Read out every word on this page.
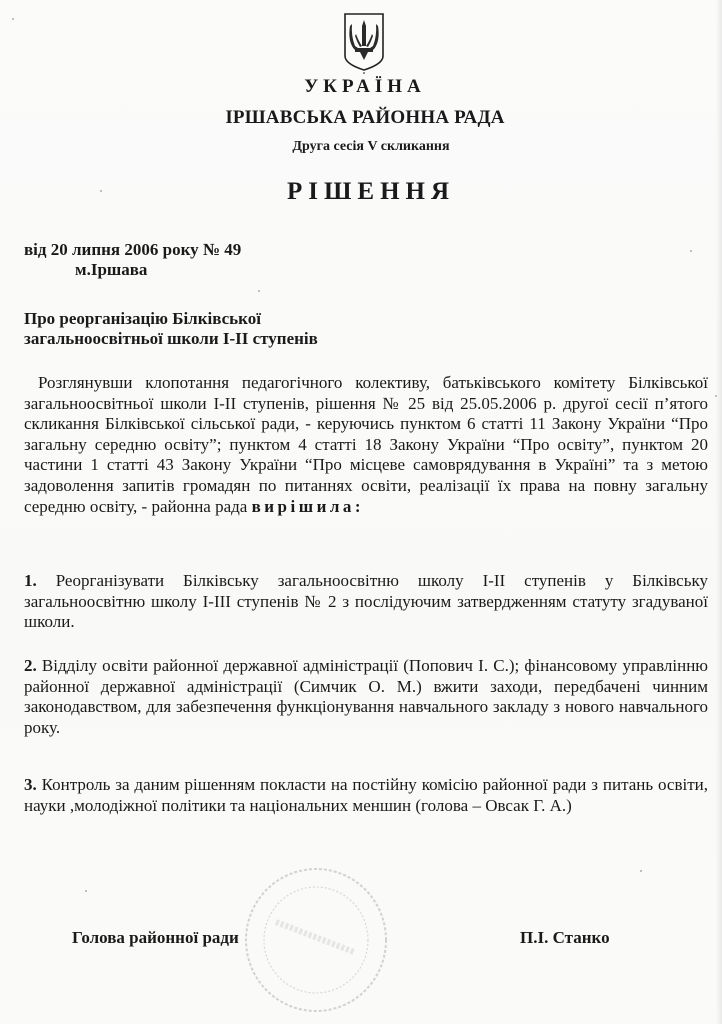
УКРАЇНА
ІРШАВСЬКА РАЙОННА РАДА
Друга сесія V скликання
РІШЕННЯ
від 20 липня 2006 року № 49
м.Іршава
Про реорганізацію Білківської
загальноосвітньої школи І-ІІ ступенів
Розглянувши клопотання педагогічного колективу, батьківського комітету Білківської загальноосвітньої школи І-ІІ ступенів, рішення № 25 від 25.05.2006 р. другої сесії п’ятого скликання Білківської сільської ради, - керуючись пунктом 6 статті 11 Закону України “Про загальну середню освіту”; пунктом 4 статті 18 Закону України “Про освіту”, пунктом 20 частини 1 статті 43 Закону України “Про місцеве самоврядування в Україні” та з метою задоволення запитів громадян по питаннях освіти, реалізації їх права на повну загальну середню освіту, - районна рада вирішила:
1. Реорганізувати Білківську загальноосвітню школу І-ІІ ступенів у Білківську загальноосвітню школу І-ІІІ ступенів № 2 з послідуючим затвердженням статуту згадуваної школи.
2. Відділу освіти районної державної адміністрації (Попович І. С.); фінансовому управлінню районної державної адміністрації (Симчик О. М.) вжити заходи, передбачені чинним законодавством, для забезпечення функціонування навчального закладу з нового навчального року.
3. Контроль за даним рішенням покласти на постійну комісію районної ради з питань освіти, науки ,молодіжної політики та національних меншин (голова – Овсак Г. А.)
Голова районної ради	П.І. Станко
